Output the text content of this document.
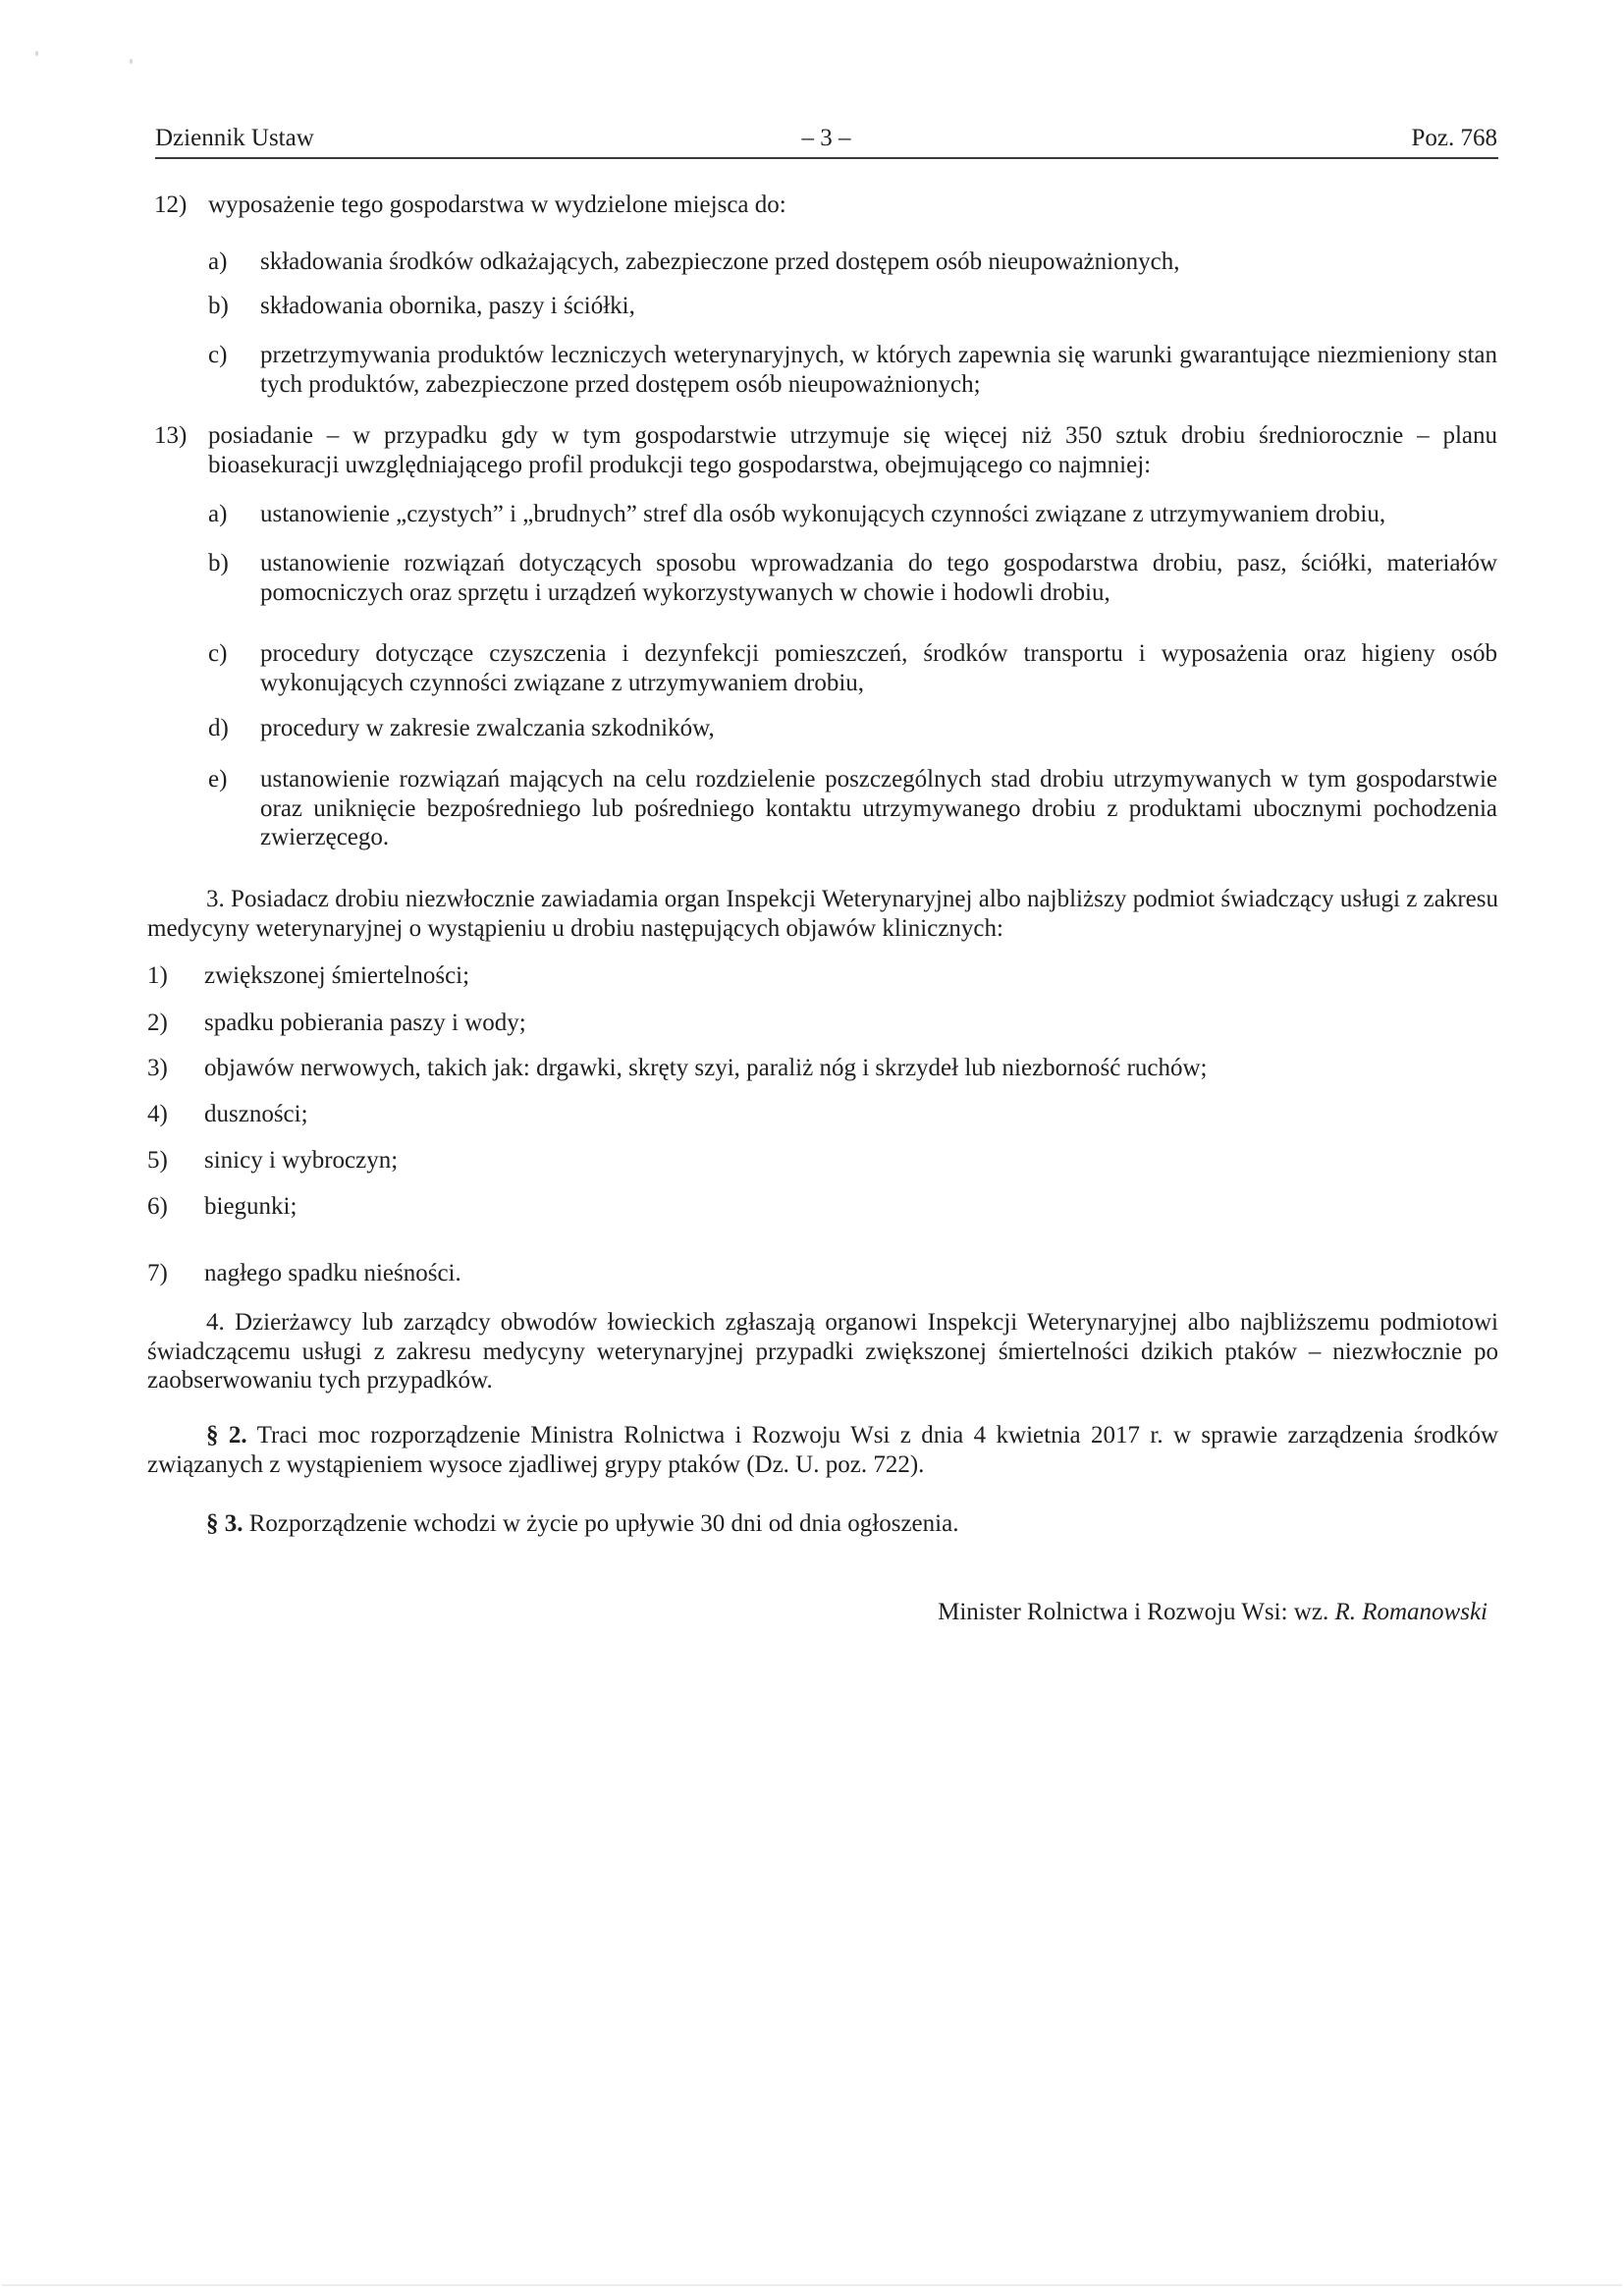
Dziennik Ustaw	– 3 –	Poz. 768
12) wyposażenie tego gospodarstwa w wydzielone miejsca do:
a) składowania środków odkażających, zabezpieczone przed dostępem osób nieupoważnionych,
b) składowania obornika, paszy i ściółki,
c) przetrzymywania produktów leczniczych weterynaryjnych, w których zapewnia się warunki gwarantujące niezmieniony stan tych produktów, zabezpieczone przed dostępem osób nieupoważnionych;
13) posiadanie – w przypadku gdy w tym gospodarstwie utrzymuje się więcej niż 350 sztuk drobiu średniorocznie – planu bioasekuracji uwzględniającego profil produkcji tego gospodarstwa, obejmującego co najmniej:
a) ustanowienie „czystych” i „brudnych” stref dla osób wykonujących czynności związane z utrzymywaniem drobiu,
b) ustanowienie rozwiązań dotyczących sposobu wprowadzania do tego gospodarstwa drobiu, pasz, ściółki, materiałów pomocniczych oraz sprzętu i urządzeń wykorzystywanych w chowie i hodowli drobiu,
c) procedury dotyczące czyszczenia i dezynfekcji pomieszczeń, środków transportu i wyposażenia oraz higieny osób wykonujących czynności związane z utrzymywaniem drobiu,
d) procedury w zakresie zwalczania szkodników,
e) ustanowienie rozwiązań mających na celu rozdzielenie poszczególnych stad drobiu utrzymywanych w tym gospodarstwie oraz uniknięcie bezpośredniego lub pośredniego kontaktu utrzymywanego drobiu z produktami ubocznymi pochodzenia zwierzęcego.
3. Posiadacz drobiu niezwłocznie zawiadamia organ Inspekcji Weterynaryjnej albo najbliższy podmiot świadczący usługi z zakresu medycyny weterynaryjnej o wystąpieniu u drobiu następujących objawów klinicznych:
1) zwiększonej śmiertelności;
2) spadku pobierania paszy i wody;
3) objawów nerwowych, takich jak: drgawki, skręty szyi, paraliż nóg i skrzydeł lub niezborność ruchów;
4) duszności;
5) sinicy i wybroczyn;
6) biegunki;
7) nagłego spadku nieśności.
4. Dzierżawcy lub zarządcy obwodów łowieckich zgłaszają organowi Inspekcji Weterynaryjnej albo najbliższemu podmiotowi świadczącemu usługi z zakresu medycyny weterynaryjnej przypadki zwiększonej śmiertelności dzikich ptaków – niezwłocznie po zaobserwowaniu tych przypadków.
§ 2. Traci moc rozporządzenie Ministra Rolnictwa i Rozwoju Wsi z dnia 4 kwietnia 2017 r. w sprawie zarządzenia środków związanych z wystąpieniem wysoce zjadliwej grypy ptaków (Dz. U. poz. 722).
§ 3. Rozporządzenie wchodzi w życie po upływie 30 dni od dnia ogłoszenia.
Minister Rolnictwa i Rozwoju Wsi: wz. R. Romanowski
